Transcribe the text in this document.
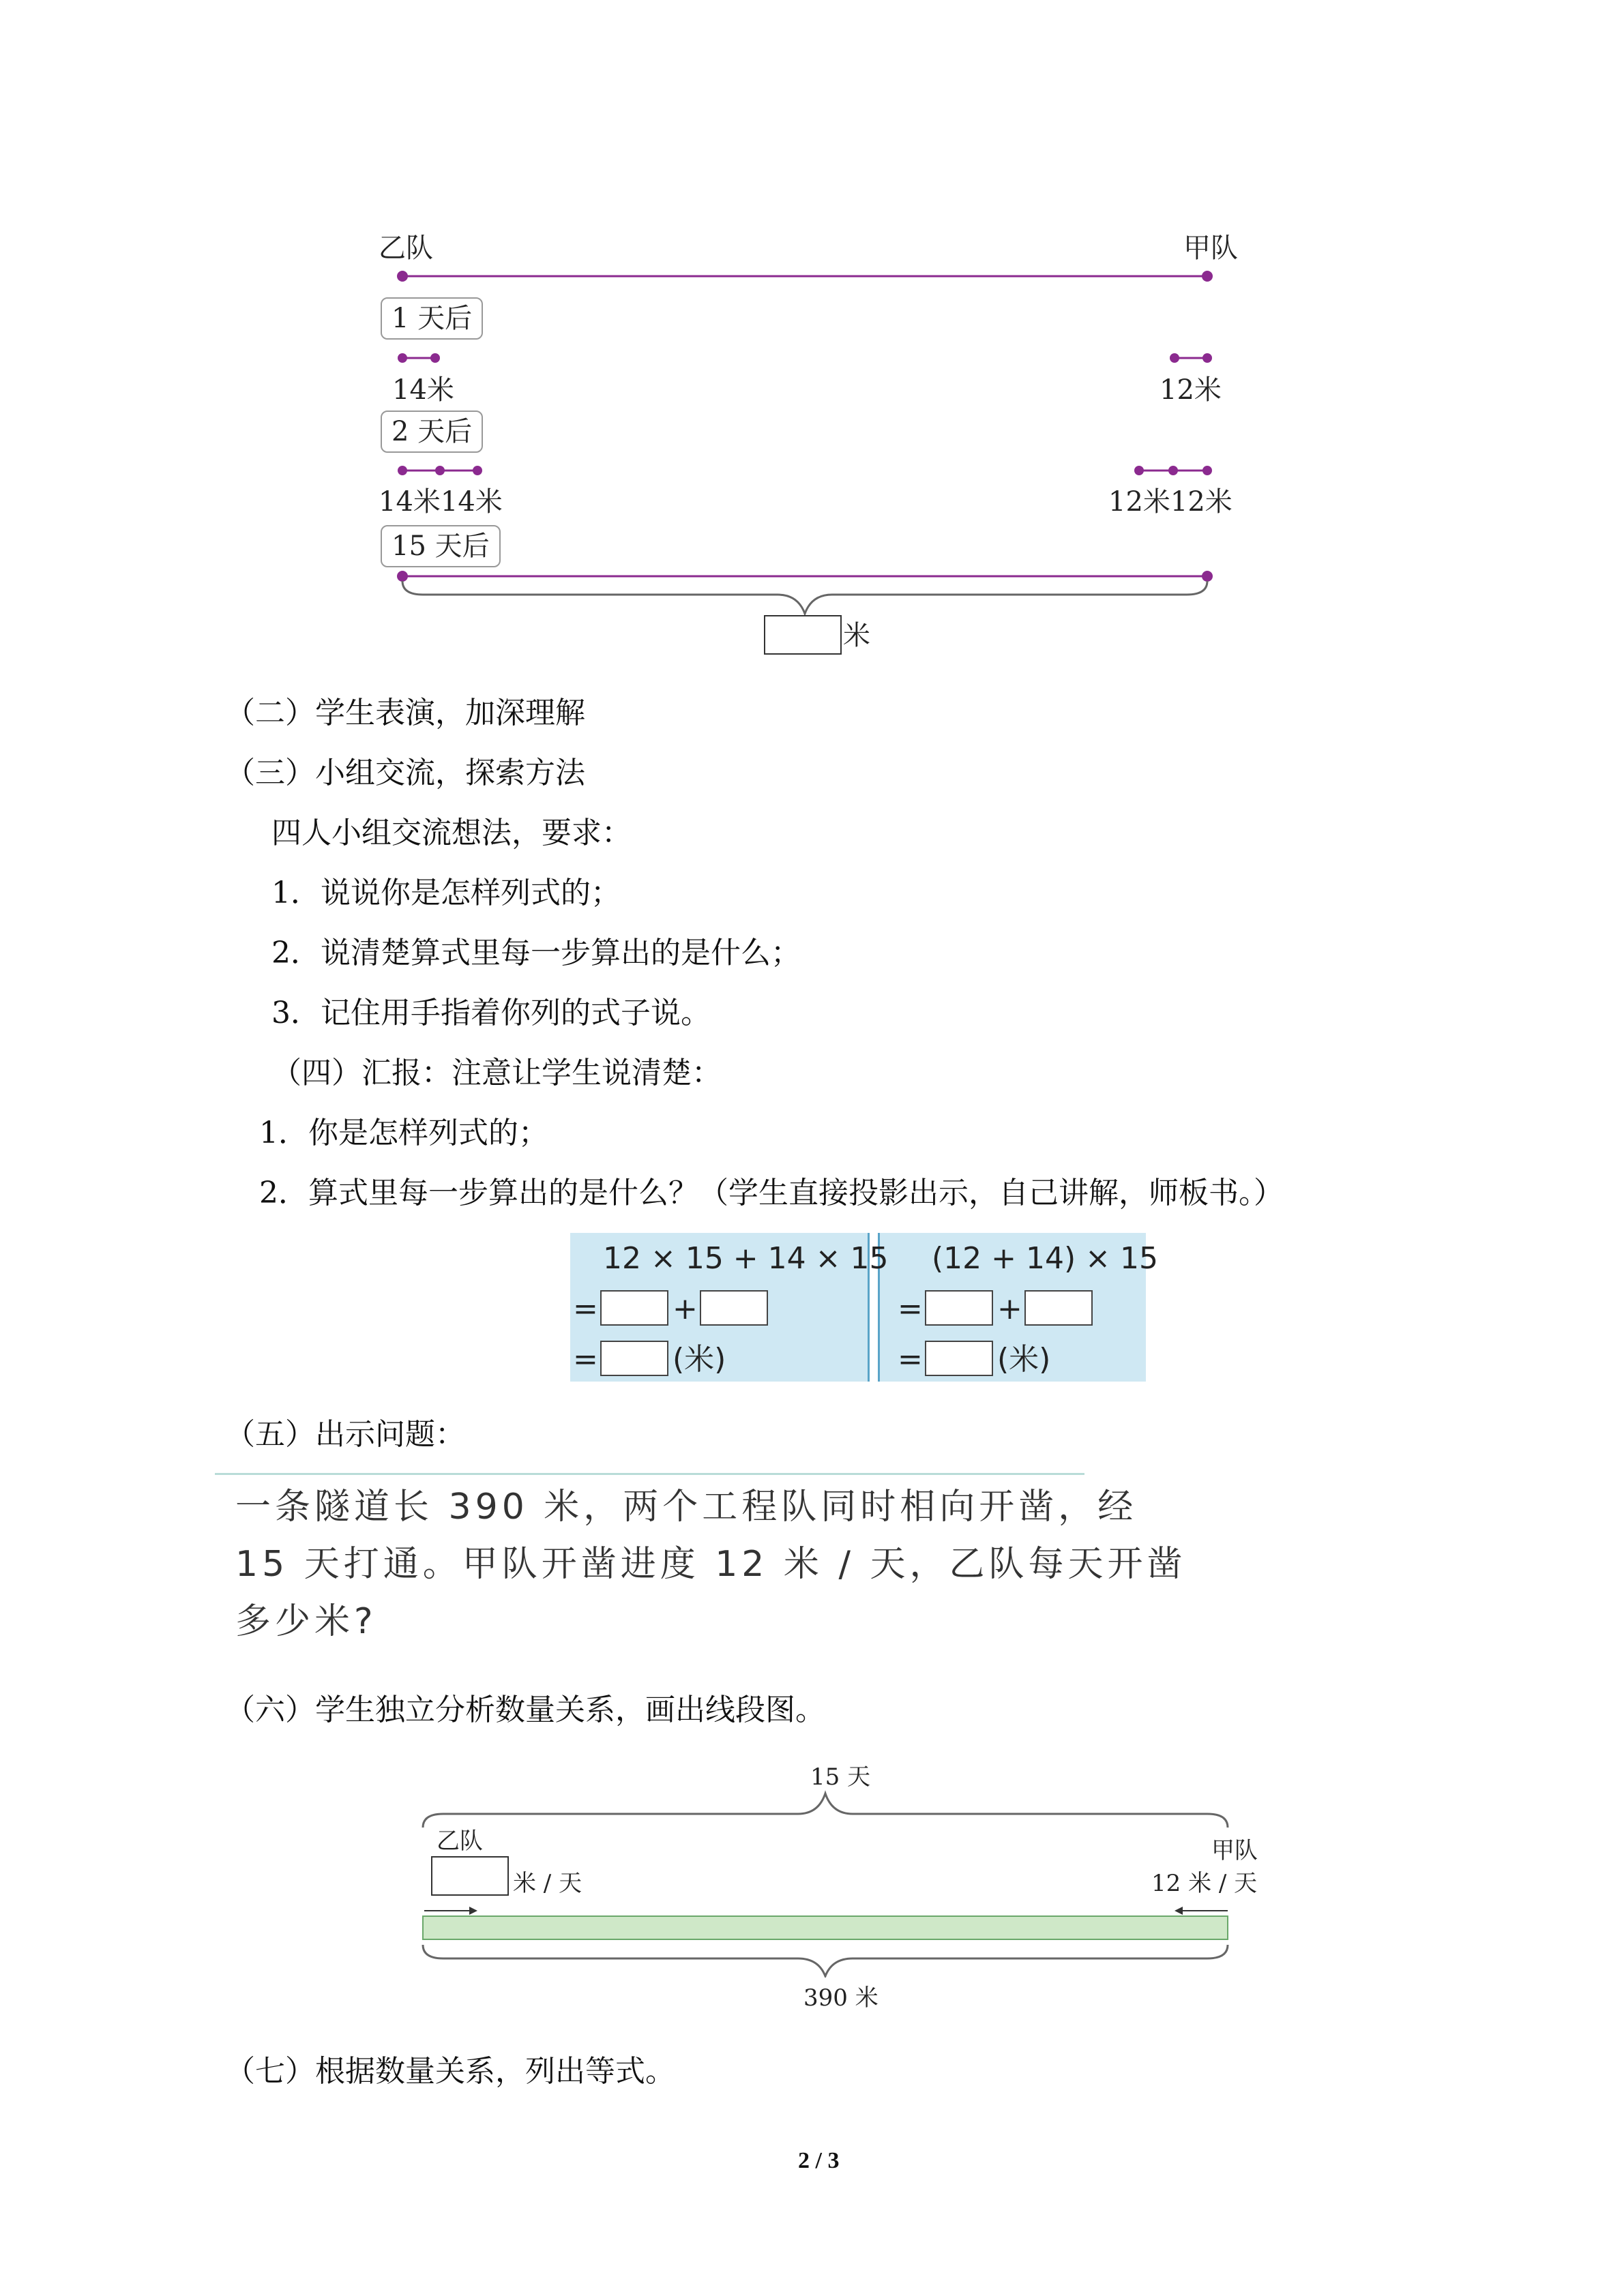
乙队	甲队
1 天后
14米	12米
2 天后
14米14米	12米12米
15 天后
米
（二）学生表演，加深理解
（三）小组交流，探索方法
四人小组交流想法，要求：
1．说说你是怎样列式的；
2．说清楚算式里每一步算出的是什么；
3．记住用手指着你列的式子说。
（四）汇报：注意让学生说清楚：
1．你是怎样列式的；
2．算式里每一步算出的是什么？（学生直接投影出示，自己讲解，师板书。）
12 × 15 + 14 × 15
= +
= (米)
(12 + 14) × 15
= +
= (米)
（五）出示问题：
一条隧道长 390 米，两个工程队同时相向开凿，经
15 天打通。甲队开凿进度 12 米 / 天，乙队每天开凿
多少米?
（六）学生独立分析数量关系，画出线段图。
15 天
乙队
米 / 天
甲队
12 米 / 天
390 米
（七）根据数量关系，列出等式。
2 / 3
